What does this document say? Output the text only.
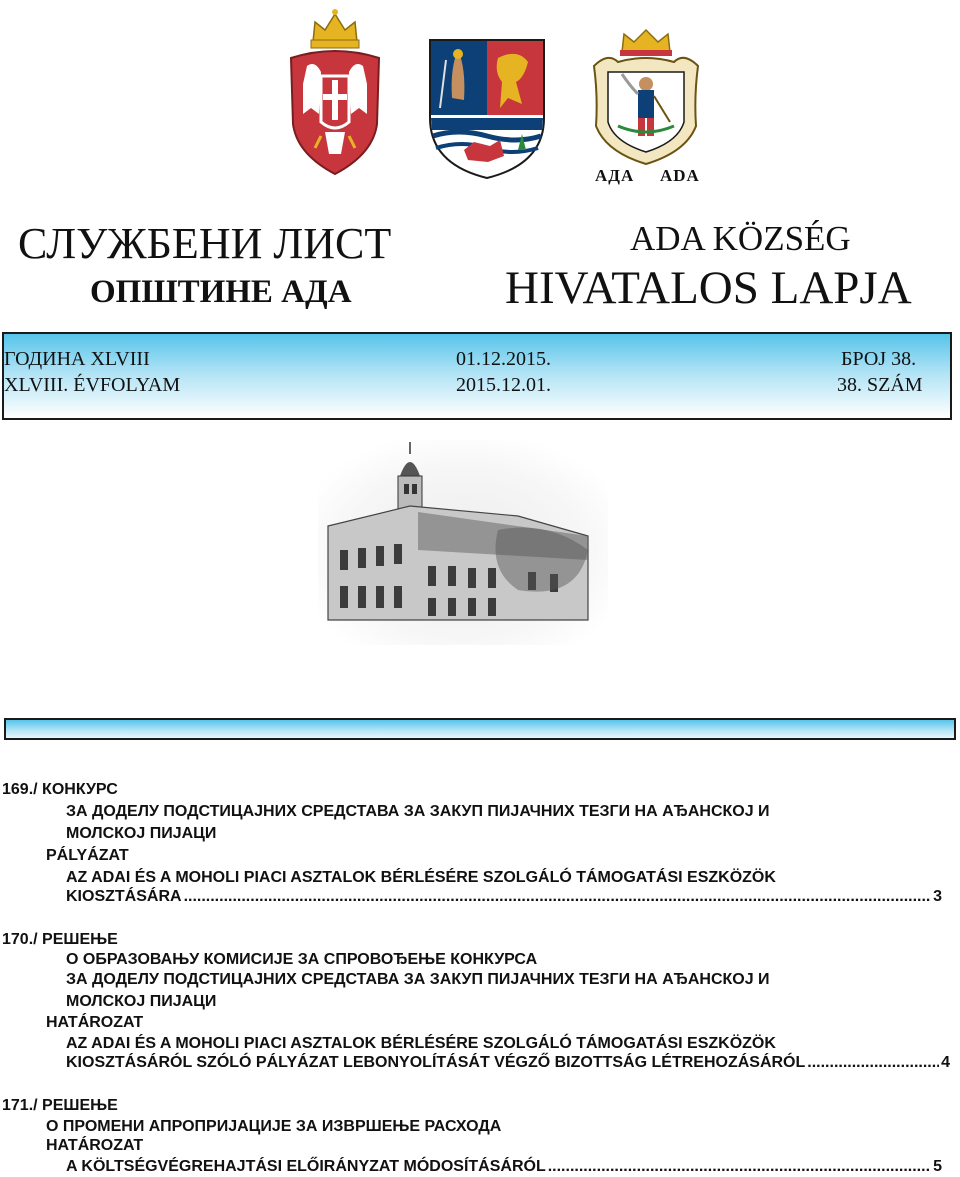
АДА ADA
СЛУЖБЕНИ ЛИСТ
ОПШТИНЕ АДА
ADA KÖZSÉG
HIVATALOS LAPJA
ГОДИНА XLVIII
XLVIII. ÉVFOLYAM
01.12.2015.
2015.12.01.
БРОЈ 38.
38. SZÁM
169./ КОНКУРС
ЗА ДОДЕЛУ ПОДСТИЦАЈНИХ СРЕДСТАВА ЗА ЗАКУП ПИЈАЧНИХ ТЕЗГИ НА АЂАНСКОЈ И
МОЛСКОЈ ПИЈАЦИ
PÁLYÁZAT
AZ ADAI ÉS A MOHOLI PIACI ASZTALOK BÉRLÉSÉRE SZOLGÁLÓ TÁMOGATÁSI ESZKÖZÖK
KIOSZTÁSÁRA .....	3
170./ РЕШЕЊЕ
О ОБРАЗОВАЊУ КОМИСИЈЕ ЗА СПРОВОЂЕЊЕ КОНКУРСА
ЗА ДОДЕЛУ ПОДСТИЦАЈНИХ СРЕДСТАВА ЗА ЗАКУП ПИЈАЧНИХ ТЕЗГИ НА АЂАНСКОЈ И
МОЛСКОЈ ПИЈАЦИ
HATÁROZAT
AZ ADAI ÉS A MOHOLI PIACI ASZTALOK BÉRLÉSÉRE SZOLGÁLÓ TÁMOGATÁSI ESZKÖZÖK
KIOSZTÁSÁRÓL SZÓLÓ PÁLYÁZAT LEBONYOLÍTÁSÁT VÉGZŐ BIZOTTSÁG LÉTREHOZÁSÁRÓL .....	4
171./ РЕШЕЊЕ
О ПРОМЕНИ АПРОПРИЈАЦИЈЕ ЗА ИЗВРШЕЊЕ РАСХОДА
HATÁROZAT
A KÖLTSÉGVÉGREHAJTÁSI ELŐIRÁNYZAT MÓDOSÍTÁSÁRÓL .....	5
